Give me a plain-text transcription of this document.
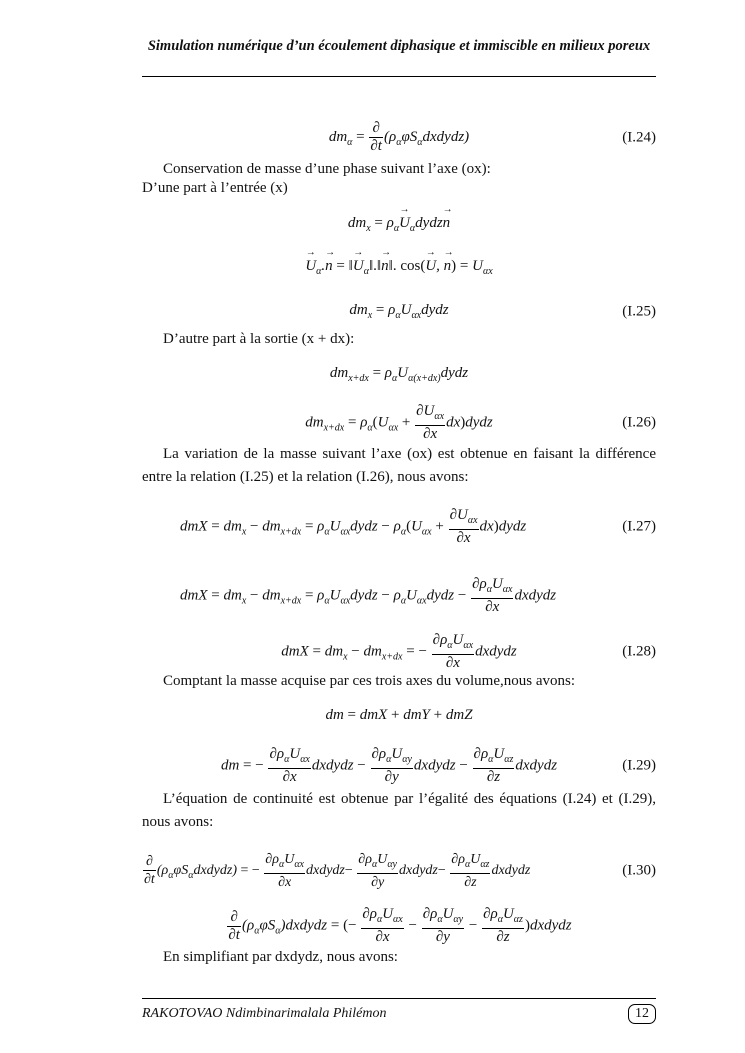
Simulation numérique d’un écoulement diphasique et immiscible en milieux poreux
$dm_\alpha = \frac{\partial}{\partial t}$ $(\rho_\alpha\varphi S_\alpha dxdydz)$	(I.24)
Conservation de masse d’une phase suivant l’axe (ox):
D’une part à l’entrée (x)
$dm_x = \rho_\alpha\to$ $U_\alpha dydz\to n$
→ $U_\alpha.\to n$ = ‖→ $U_\alpha‖.‖\to$ n‖. cos(→ U, → $n) = U_{\alpha x}$
$dm_x$ = $\rho_\alpha U_{\alpha x}dydz$	(I.25)
D’autre part à la sortie (x + dx):
$dm_{x+dx}$ = $\rho_\alpha U_{\alpha(x+dx)}dydz$
$dm_{x+dx} = \rho_\alpha(U_{\alpha x} + \frac{\partial U_{\alpha x}}{\partial x}$ dx)dydz	(I.26)
La variation de la masse suivant l’axe (ox) est obtenue en faisant la différence entre la relation (I.25) et la relation (I.26), nous avons:
dmX = $dm_x - dm_{x+dx}$ = $\rho_\alpha U_{\alpha x}dydz - \rho_\alpha(U_{\alpha x} + \frac{\partial U_{\alpha x}}{\partial x}$ dx)dydz	(I.27)
dmX = $dm_x - dm_{x+dx}$ = $\rho_\alpha U_{\alpha x}dydz$ − $\rho_\alpha U_{\alpha x}dydz - \frac{\partial\rho_\alpha U_{\alpha x}}{\partial x}$ dxdydz
dmX = $dm_x - dm_{x+dx}$ = − $\frac{\partial\rho_\alpha U_{\alpha x}}{\partial x}$ dxdydz	(I.28)
Comptant la masse acquise par ces trois axes du volume,nous avons:
dm = dmX + dmY + dmZ
dm = − $\frac{\partial\rho_\alpha U_{\alpha x}}{\partial x}$ dxdydz − $\frac{\partial\rho_\alpha U_{\alpha y}}{\partial y}$ dxdydz − $\frac{\partial\rho_\alpha U_{\alpha z}}{\partial z}$ dxdydz	(I.29)
L’équation de continuité est obtenue par l’égalité des équations (I.24) et (I.29), nous avons:
$\frac{\partial}{\partial t}$ $(\rho_\alpha\varphi S_\alpha dxdydz)$ = − $\frac{\partial\rho_\alpha U_{\alpha x}}{\partial x}$ dxdydz− $\frac{\partial\rho_\alpha U_{\alpha y}}{\partial y}$ dxdydz− $\frac{\partial\rho_\alpha U_{\alpha z}}{\partial z}$ dxdydz	(I.30)
$\frac{\partial}{\partial t}$ $(\rho_\alpha\varphi S_\alpha)dxdydz$ = (− $\frac{\partial\rho_\alpha U_{\alpha x}}{\partial x} - \frac{\partial\rho_\alpha U_{\alpha y}}{\partial y} - \frac{\partial\rho_\alpha U_{\alpha z}}{\partial z}$ )dxdydz
En simplifiant par dxdydz, nous avons:
RAKOTOVAO Ndimbinarimalala Philémon	12
